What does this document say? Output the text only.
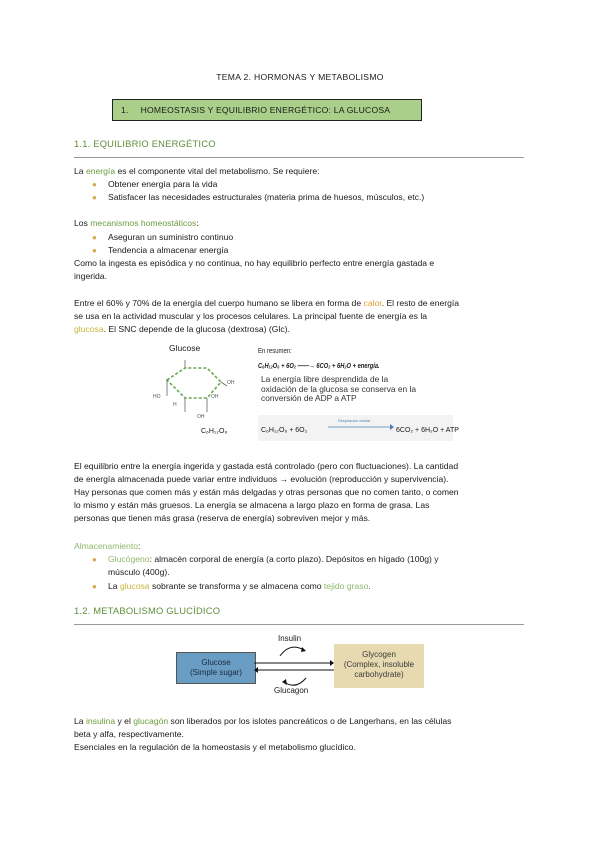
TEMA 2. HORMONAS Y METABOLISMO
1. HOMEOSTASIS Y EQUILIBRIO ENERGÉTICO: LA GLUCOSA
1.1. EQUILIBRIO ENERGÉTICO
La energía es el componente vital del metabolismo. Se requiere:
● Obtener energía para la vida
● Satisfacer las necesidades estructurales (materia prima de huesos, músculos, etc.)
Los mecanismos homeostáticos:
● Aseguran un suministro continuo
● Tendencia a almacenar energía
Como la ingesta es episódica y no continua, no hay equilibrio perfecto entre energía gastada e
ingerida.
Entre el 60% y 70% de la energía del cuerpo humano se libera en forma de calor. El resto de energía
se usa en la actividad muscular y los procesos celulares. La principal fuente de energía es la
glucosa. El SNC depende de la glucosa (dextrosa) (Glc).
Glucose
HO	OH
H
OH
OH
C₆H₁₂O₆
En resumen:
C₆H₁₂O₆ + 6O₂ ——→ 6CO₂ + 6H₂O + energía.
La energía libre desprendida de la
oxidación de la glucosa se conserva en la
conversión de ADP a ATP
C₆H₁₂O₆ + 6O₂
Respiración celular
6CO₂ + 6H₂O + ATP
El equilibrio entre la energía ingerida y gastada está controlado (pero con fluctuaciones). La cantidad
de energía almacenada puede variar entre individuos → evolución (reproducción y supervivencia).
Hay personas que comen más y están más delgadas y otras personas que no comen tanto, o comen
lo mismo y están más gruesos. La energía se almacena a largo plazo en forma de grasa. Las
personas que tienen más grasa (reserva de energía) sobreviven mejor y más.
Almacenamiento:
● Glucógeno: almacén corporal de energía (a corto plazo). Depósitos en hígado (100g) y
músculo (400g).
● La glucosa sobrante se transforma y se almacena como tejido graso.
1.2. METABOLISMO GLUCÍDICO
Glucose
(Simple sugar)
Glycogen
(Complex, insoluble
carbohydrate)
Insulin
Glucagon
La insulina y el glucagón son liberados por los islotes pancreáticos o de Langerhans, en las células
beta y alfa, respectivamente.
Esenciales en la regulación de la homeostasis y el metabolismo glucídico.
